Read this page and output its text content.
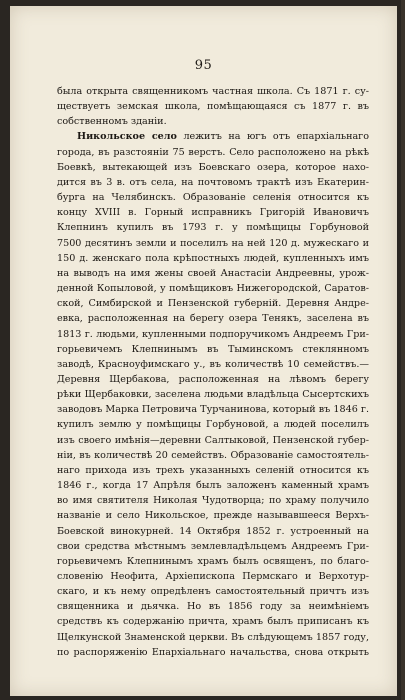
95
была открыта священникомъ частная школа. Съ 1871 г. су-
ществуетъ земская школа, помѣщающаяся съ 1877 г. въ
собственномъ зданіи.
Никольское село лежитъ на югъ отъ епархіальнаго
города, въ разстояніи 75 верстъ. Село расположено на рѣкѣ
Боевкѣ, вытекающей изъ Боевскаго озера, которое нахо-
дится въ 3 в. отъ села, на почтовомъ трактѣ изъ Екатерин-
бурга на Челябинскъ. Образованіе селенія относится къ
концу XVIII в. Горный исправникъ Григорій Ивановичъ
Клепнинъ купилъ въ 1793 г. у помѣщицы Горбуновой
7500 десятинъ земли и поселилъ на ней 120 д. мужескаго и
150 д. женскаго пола крѣпостныхъ людей, купленныхъ имъ
на выводъ на имя жены своей Анастасіи Андреевны, урож-
денной Копыловой, у помѣщиковъ Нижегородской, Саратов-
ской, Симбирской и Пензенской губерній. Деревня Андре-
евка, расположенная на берегу озера Тенякъ, заселена въ
1813 г. людьми, купленными подпоручикомъ Андреемъ Гри-
горьевичемъ Клепнинымъ въ Тыминскомъ стеклянномъ
заводѣ, Красноуфимскаго у., въ количествѣ 10 семействъ.—
Деревня Щербакова, расположенная на лѣвомъ берегу
рѣки Щербаковки, заселена людьми владѣльца Сысертскихъ
заводовъ Марка Петровича Турчанинова, который въ 1846 г.
купилъ землю у помѣщицы Горбуновой, а людей поселилъ
изъ своего имѣнія—деревни Салтыковой, Пензенской губер-
ніи, въ количествѣ 20 семействъ. Образованіе самостоятель-
наго прихода изъ трехъ указанныхъ селеній относится къ
1846 г., когда 17 Апрѣля былъ заложенъ каменный храмъ
во имя святителя Николая Чудотворца; по храму получило
названіе и село Никольское, прежде называвшееся Верхъ-
Боевской винокурней. 14 Октября 1852 г. устроенный на
свои средства мѣстнымъ землевладѣльцемъ Андреемъ Гри-
горьевичемъ Клепнинымъ храмъ былъ освященъ, по благо-
словенію Неофита, Архіепископа Пермскаго и Верхотур-
скаго, и къ нему опредѣленъ самостоятельный причтъ изъ
священника и дьячка. Но въ 1856 году за неимѣніемъ
средствъ къ содержанію причта, храмъ былъ приписанъ къ
Щелкунской Знаменской церкви. Въ слѣдующемъ 1857 году,
по распоряженію Епархіальнаго начальства, снова открыть
